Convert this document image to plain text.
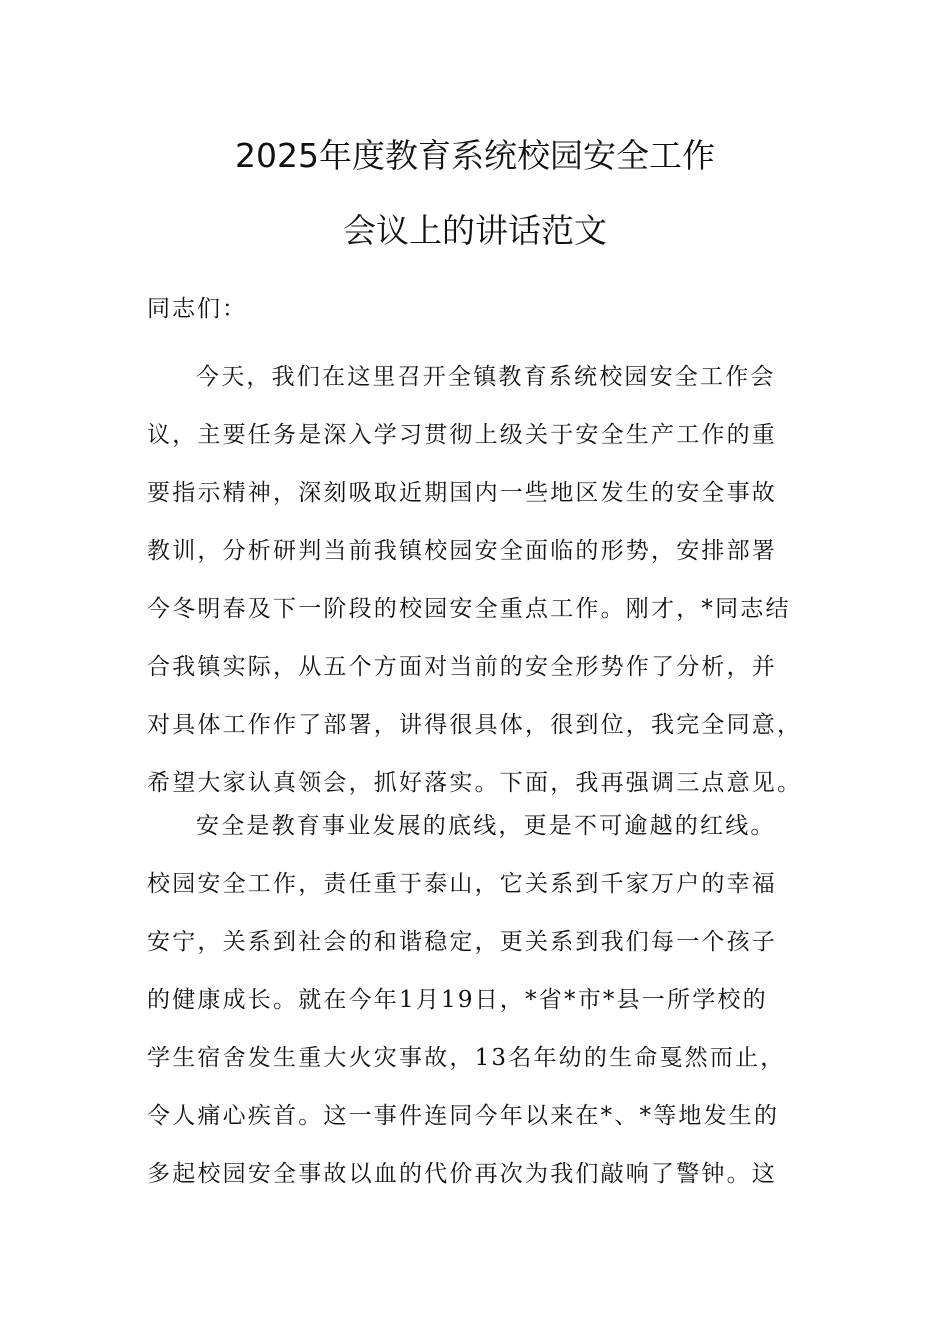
2025年度教育系统校园安全工作
会议上的讲话范文
同志们：
今天，我们在这里召开全镇教育系统校园安全工作会
议，主要任务是深入学习贯彻上级关于安全生产工作的重
要指示精神，深刻吸取近期国内一些地区发生的安全事故
教训，分析研判当前我镇校园安全面临的形势，安排部署
今冬明春及下一阶段的校园安全重点工作。刚才，*同志结
合我镇实际，从五个方面对当前的安全形势作了分析，并
对具体工作作了部署，讲得很具体，很到位，我完全同意，
希望大家认真领会，抓好落实。下面，我再强调三点意见。
安全是教育事业发展的底线，更是不可逾越的红线。
校园安全工作，责任重于泰山，它关系到千家万户的幸福
安宁，关系到社会的和谐稳定，更关系到我们每一个孩子
的健康成长。就在今年1月19日，*省*市*县一所学校的
学生宿舍发生重大火灾事故，13名年幼的生命戛然而止，
令人痛心疾首。这一事件连同今年以来在*、*等地发生的
多起校园安全事故以血的代价再次为我们敲响了警钟。这
